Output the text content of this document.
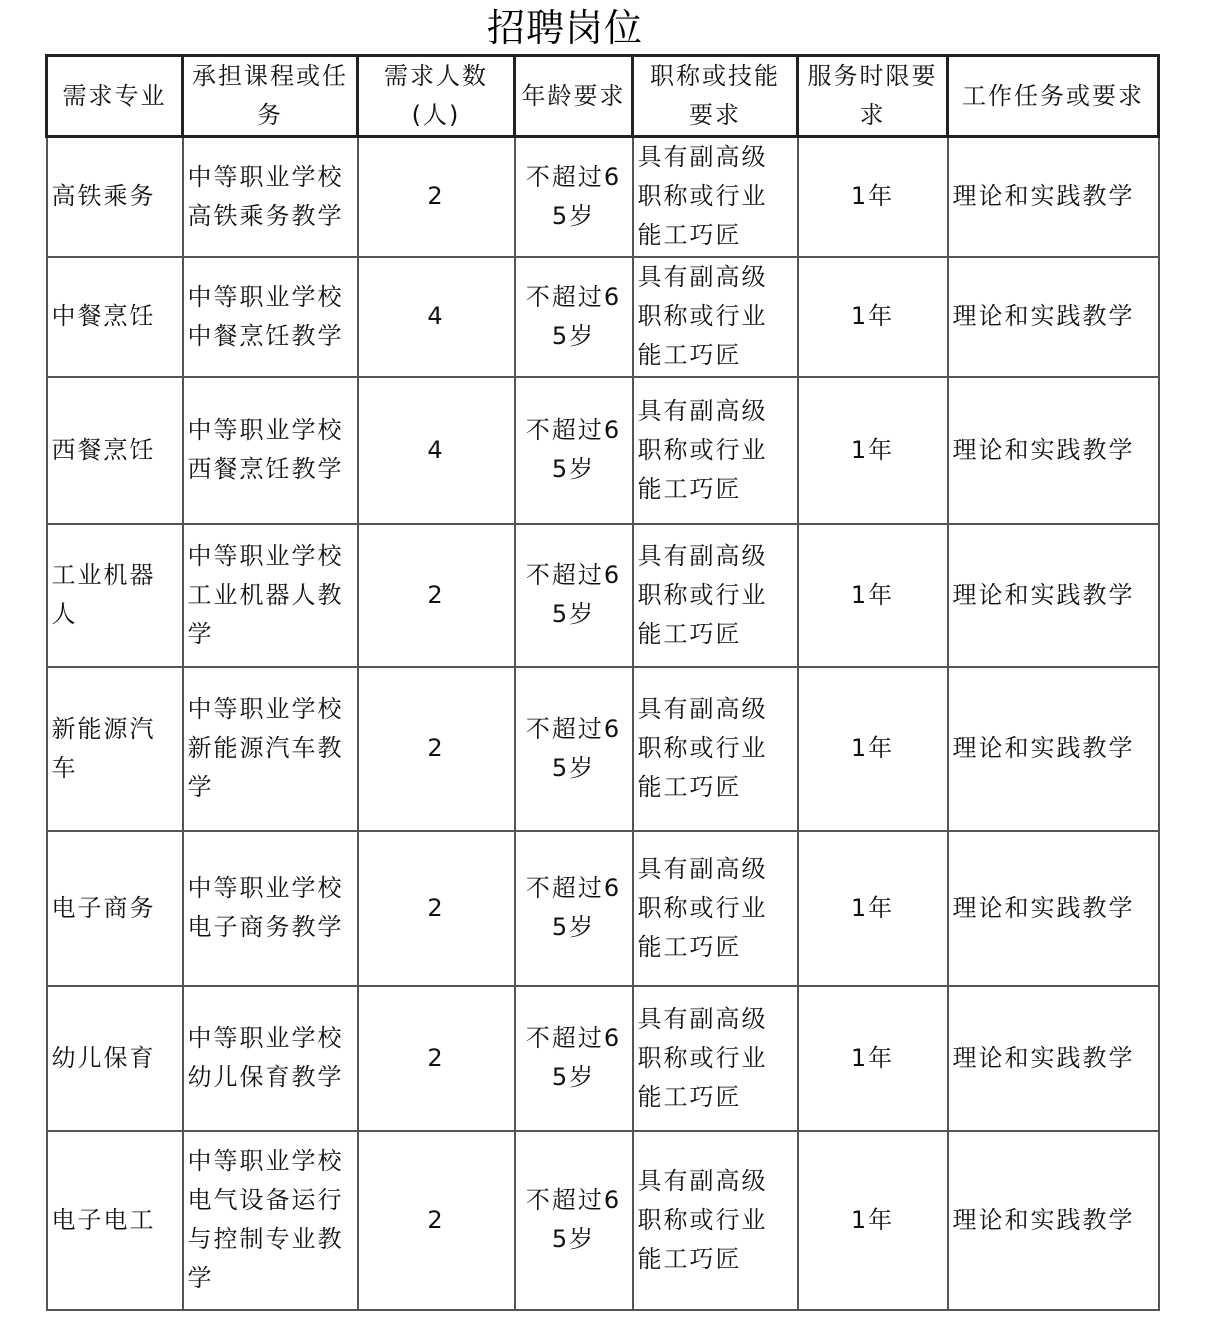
招聘岗位
需求专业	承担课程或任务	需求人数(人)	年龄要求	职称或技能要求	服务时限要求	工作任务或要求
高铁乘务	中等职业学校高铁乘务教学	2	不超过65岁	具有副高级职称或行业能工巧匠	1年	理论和实践教学
中餐烹饪	中等职业学校中餐烹饪教学	4	不超过65岁	具有副高级职称或行业能工巧匠	1年	理论和实践教学
西餐烹饪	中等职业学校西餐烹饪教学	4	不超过65岁	具有副高级职称或行业能工巧匠	1年	理论和实践教学
工业机器人	中等职业学校工业机器人教学	2	不超过65岁	具有副高级职称或行业能工巧匠	1年	理论和实践教学
新能源汽车	中等职业学校新能源汽车教学	2	不超过65岁	具有副高级职称或行业能工巧匠	1年	理论和实践教学
电子商务	中等职业学校电子商务教学	2	不超过65岁	具有副高级职称或行业能工巧匠	1年	理论和实践教学
幼儿保育	中等职业学校幼儿保育教学	2	不超过65岁	具有副高级职称或行业能工巧匠	1年	理论和实践教学
电子电工	中等职业学校电气设备运行与控制专业教学	2	不超过65岁	具有副高级职称或行业能工巧匠	1年	理论和实践教学
